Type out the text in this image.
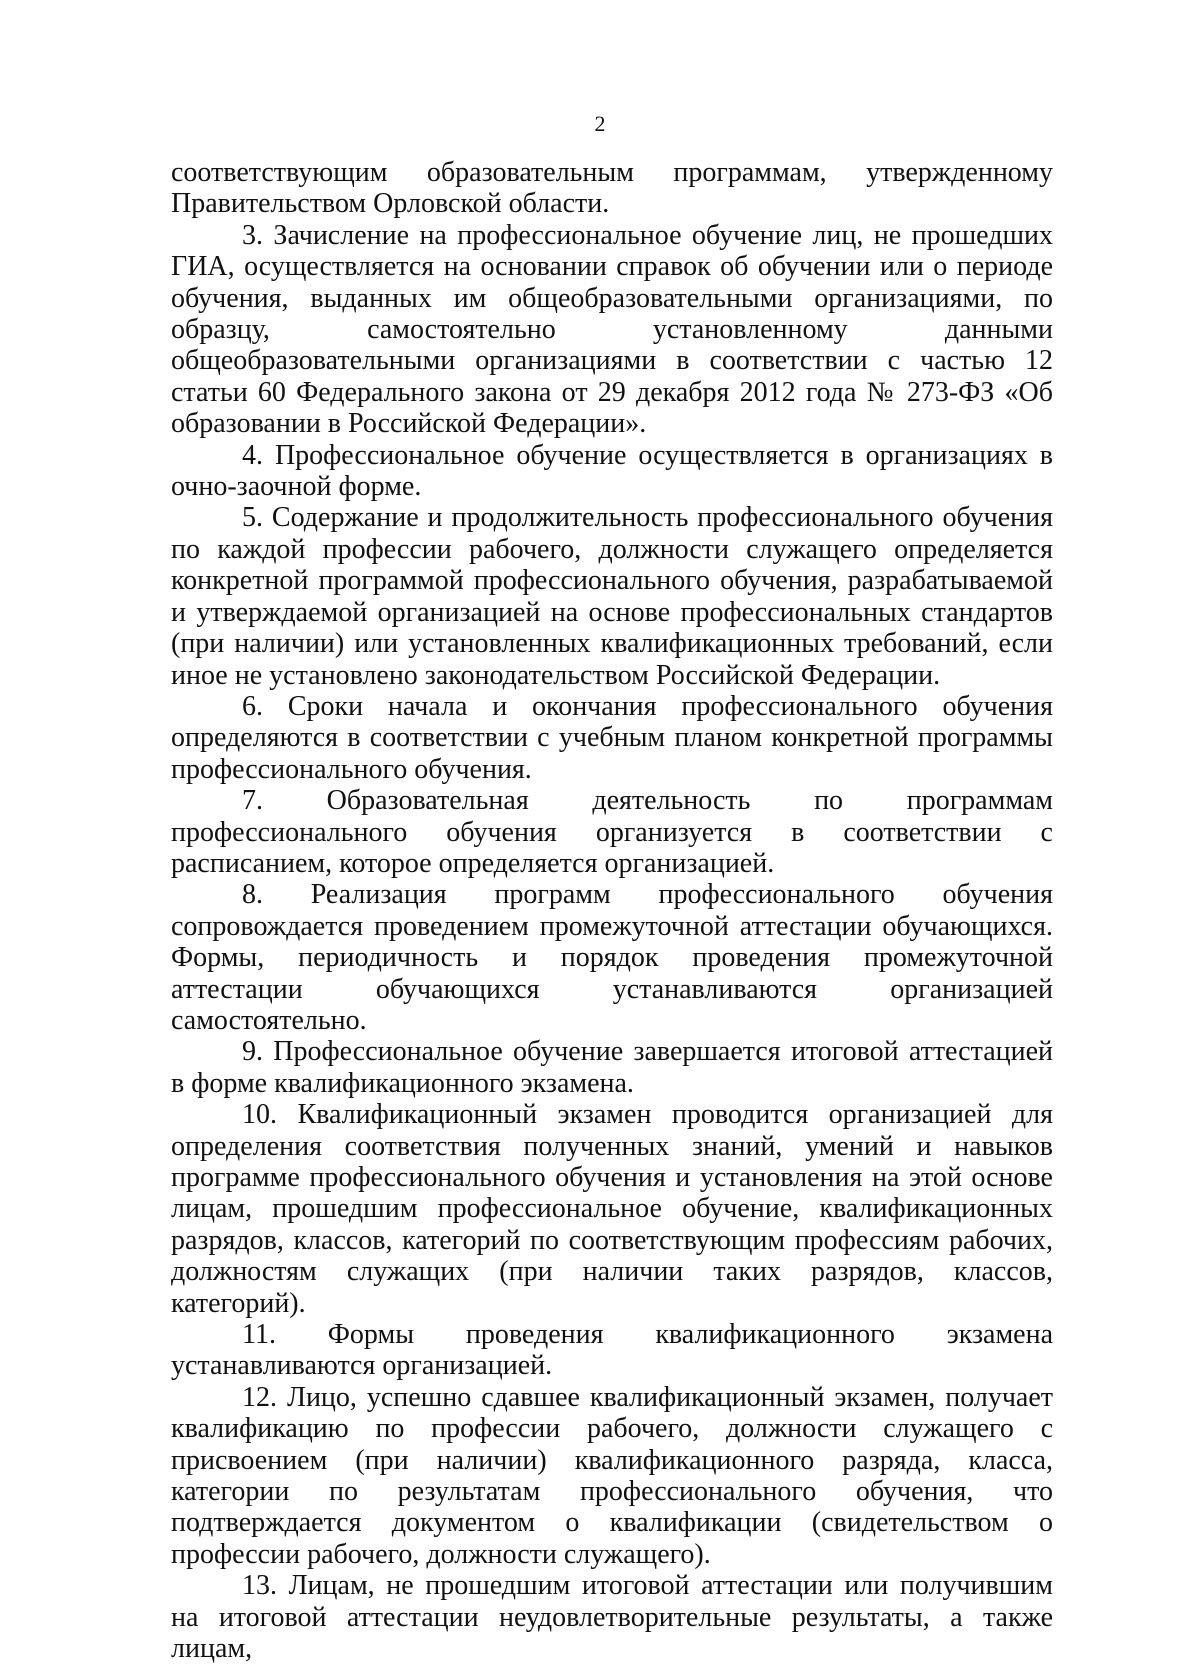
2

соответствующим образовательным программам, утвержденному Правительством Орловской области.

3. Зачисление на профессиональное обучение лиц, не прошедших ГИА, осуществляется на основании справок об обучении или о периоде обучения, выданных им общеобразовательными организациями, по образцу, самостоятельно установленному данными общеобразовательными организациями в соответствии с частью 12 статьи 60 Федерального закона от 29 декабря 2012 года № 273-ФЗ «Об образовании в Российской Федерации».

4. Профессиональное обучение осуществляется в организациях в очно-заочной форме.

5. Содержание и продолжительность профессионального обучения по каждой профессии рабочего, должности служащего определяется конкретной программой профессионального обучения, разрабатываемой и утверждаемой организацией на основе профессиональных стандартов (при наличии) или установленных квалификационных требований, если иное не установлено законодательством Российской Федерации.

6. Сроки начала и окончания профессионального обучения определяются в соответствии с учебным планом конкретной программы профессионального обучения.

7. Образовательная деятельность по программам профессионального обучения организуется в соответствии с расписанием, которое определяется организацией.

8. Реализация программ профессионального обучения сопровождается проведением промежуточной аттестации обучающихся. Формы, периодичность и порядок проведения промежуточной аттестации обучающихся устанавливаются организацией самостоятельно.

9. Профессиональное обучение завершается итоговой аттестацией в форме квалификационного экзамена.

10. Квалификационный экзамен проводится организацией для определения соответствия полученных знаний, умений и навыков программе профессионального обучения и установления на этой основе лицам, прошедшим профессиональное обучение, квалификационных разрядов, классов, категорий по соответствующим профессиям рабочих, должностям служащих (при наличии таких разрядов, классов, категорий).

11. Формы проведения квалификационного экзамена устанавливаются организацией.

12. Лицо, успешно сдавшее квалификационный экзамен, получает квалификацию по профессии рабочего, должности служащего с присвоением (при наличии) квалификационного разряда, класса, категории по результатам профессионального обучения, что подтверждается документом о квалификации (свидетельством о профессии рабочего, должности служащего).

13. Лицам, не прошедшим итоговой аттестации или получившим на итоговой аттестации неудовлетворительные результаты, а также лицам,
